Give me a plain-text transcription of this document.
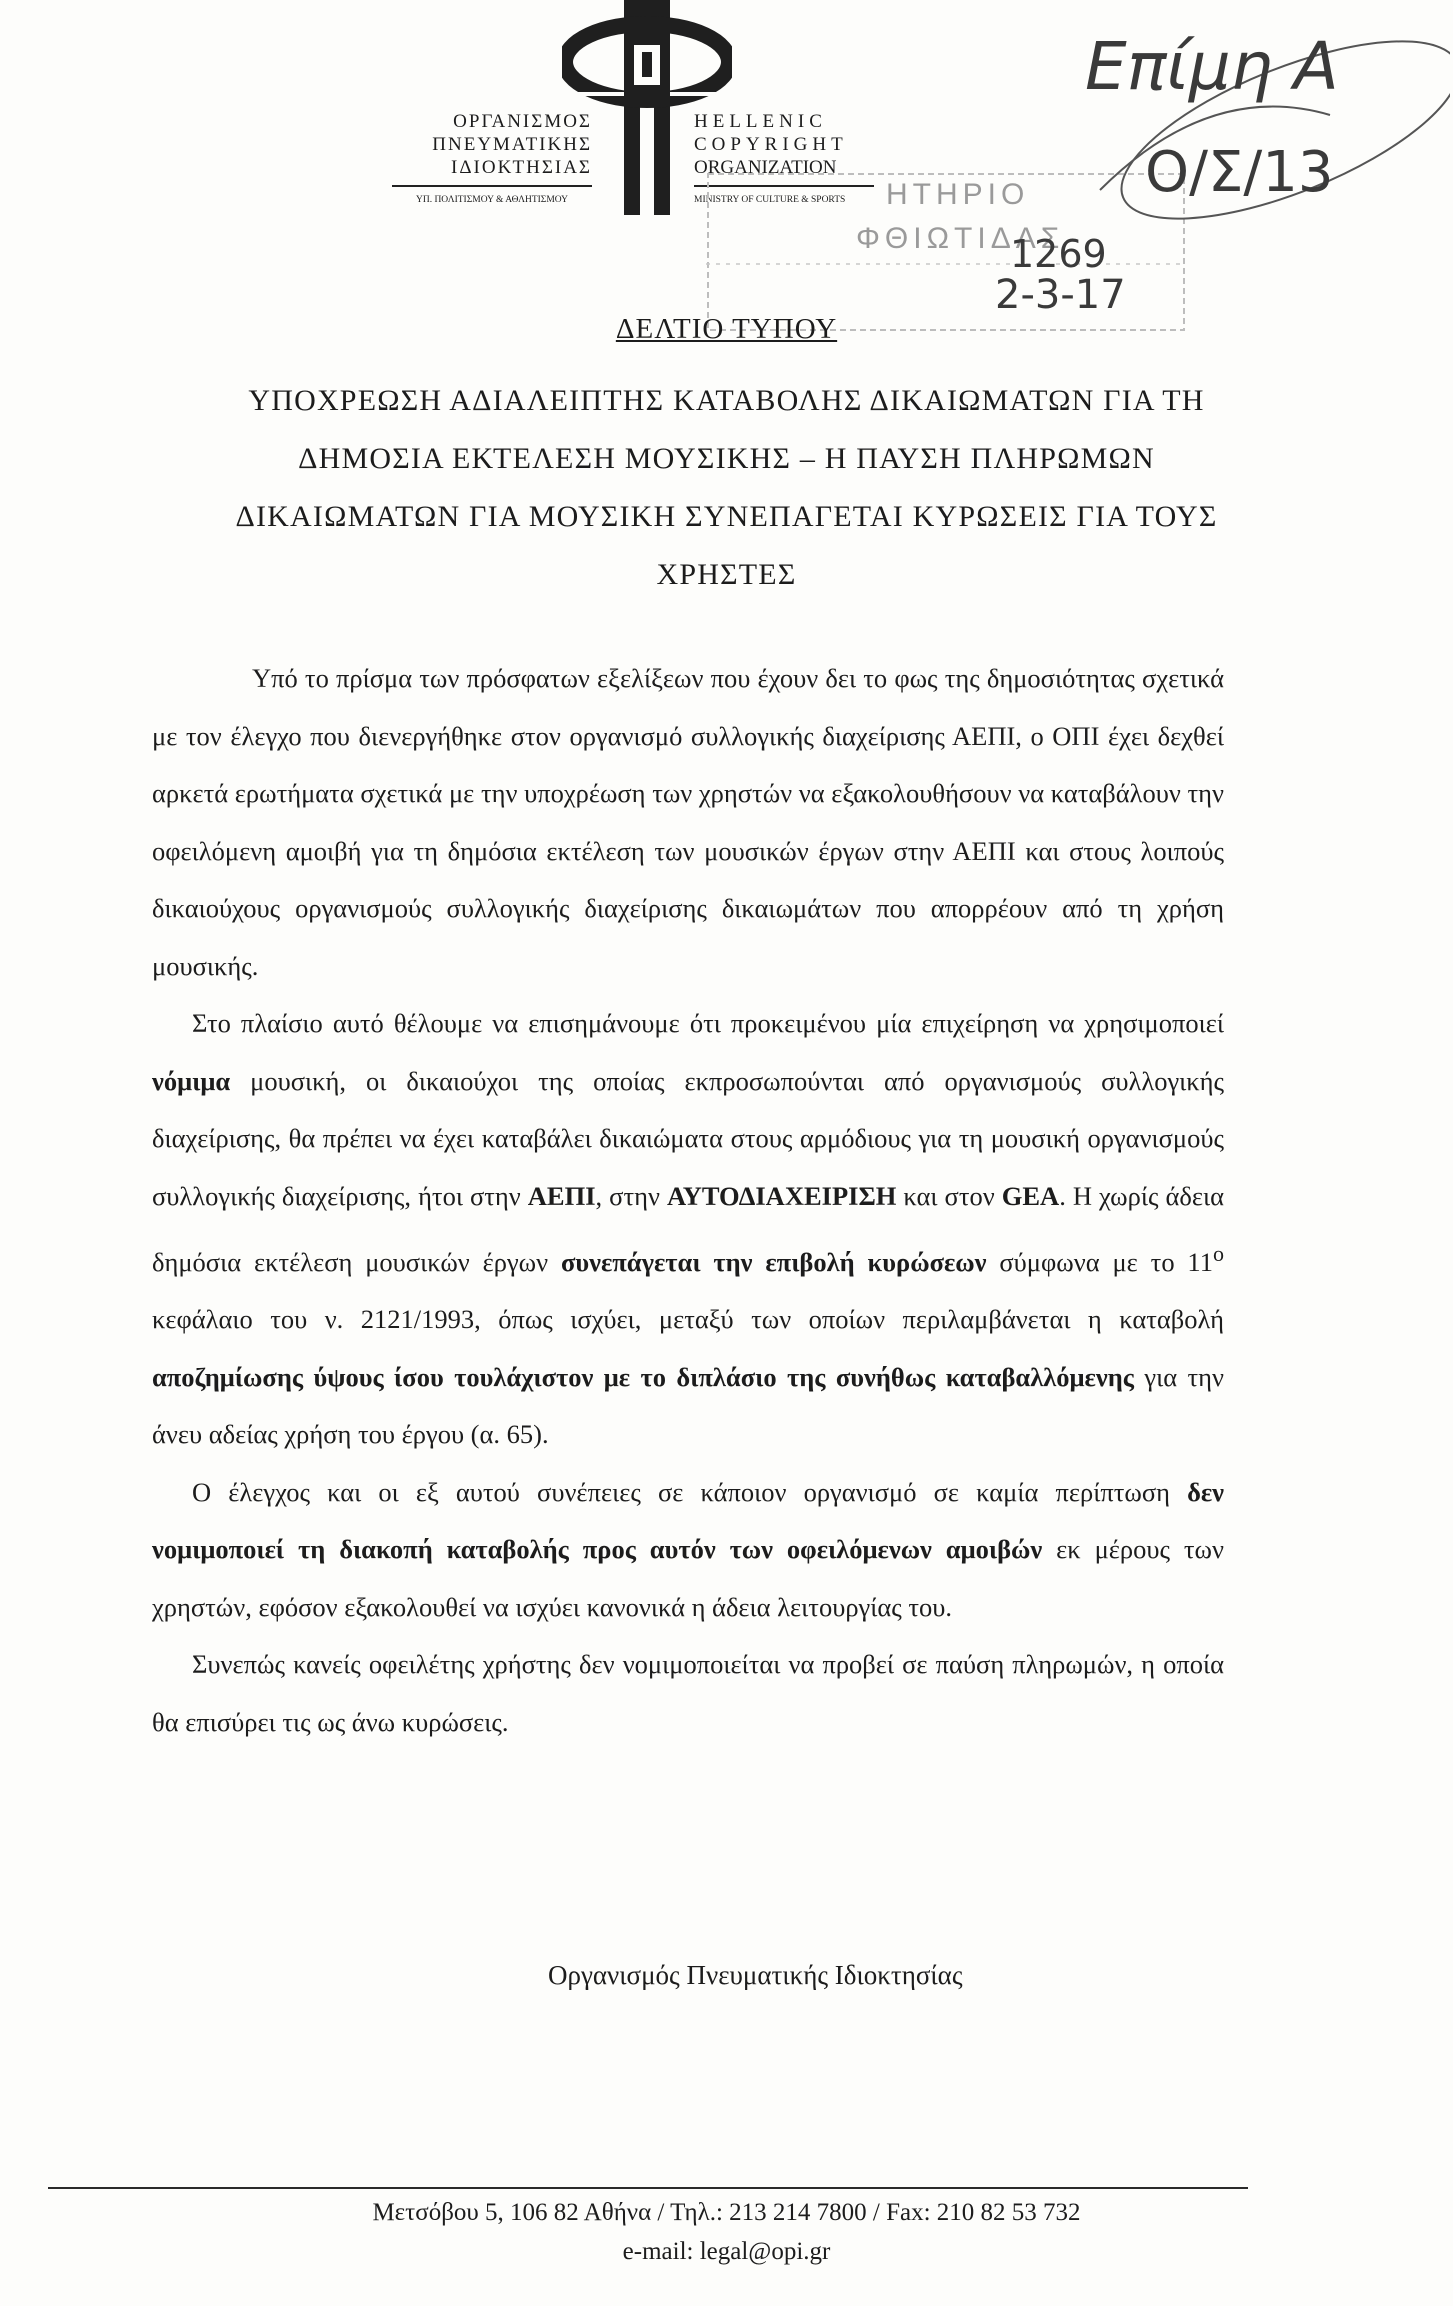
ΟΡΓΑΝΙΣΜΟΣ
ΠΝΕΥΜΑΤΙΚΗΣ
ΙΔΙΟΚΤΗΣΙΑΣ
ΥΠ. ΠΟΛΙΤΙΣΜΟΥ & ΑΘΛΗΤΙΣΜΟΥ
HELLENIC
COPYRIGHT
ORGANIZATION
MINISTRY OF CULTURE & SPORTS	ΗΤΗΡΙΟ
ΦΘΙΩΤΙΔΑΣ
Επίμη Α
Ο/Σ/13
1269
2-3-17
ΔΕΛΤΙΟ ΤΥΠΟΥ
ΥΠΟΧΡΕΩΣΗ ΑΔΙΑΛΕΙΠΤΗΣ ΚΑΤΑΒΟΛΗΣ ΔΙΚΑΙΩΜΑΤΩΝ ΓΙΑ ΤΗ
ΔΗΜΟΣΙΑ ΕΚΤΕΛΕΣΗ ΜΟΥΣΙΚΗΣ – Η ΠΑΥΣΗ ΠΛΗΡΩΜΩΝ
ΔΙΚΑΙΩΜΑΤΩΝ ΓΙΑ ΜΟΥΣΙΚΗ ΣΥΝΕΠΑΓΕΤΑΙ ΚΥΡΩΣΕΙΣ ΓΙΑ ΤΟΥΣ
ΧΡΗΣΤΕΣ

Υπό το πρίσμα των πρόσφατων εξελίξεων που έχουν δει το φως της δημοσιότητας σχετικά με τον έλεγχο που διενεργήθηκε στον οργανισμό συλλογικής διαχείρισης ΑΕΠΙ, ο ΟΠΙ έχει δεχθεί αρκετά ερωτήματα σχετικά με την υποχρέωση των χρηστών να εξακολουθήσουν να καταβάλουν την οφειλόμενη αμοιβή για τη δημόσια εκτέλεση των μουσικών έργων στην ΑΕΠΙ και στους λοιπούς δικαιούχους οργανισμούς συλλογικής διαχείρισης δικαιωμάτων που απορρέουν από τη χρήση μουσικής.

Στο πλαίσιο αυτό θέλουμε να επισημάνουμε ότι προκειμένου μία επιχείρηση να χρησιμοποιεί νόμιμα μουσική, οι δικαιούχοι της οποίας εκπροσωπούνται από οργανισμούς συλλογικής διαχείρισης, θα πρέπει να έχει καταβάλει δικαιώματα στους αρμόδιους για τη μουσική οργανισμούς συλλογικής διαχείρισης, ήτοι στην ΑΕΠΙ, στην ΑΥΤΟΔΙΑΧΕΙΡΙΣΗ και στον GEA. Η χωρίς άδεια δημόσια εκτέλεση μουσικών έργων συνεπάγεται την επιβολή κυρώσεων σύμφωνα με το $11^o$ κεφάλαιο του ν. 2121/1993, όπως ισχύει, μεταξύ των οποίων περιλαμβάνεται η καταβολή αποζημίωσης ύψους ίσου τουλάχιστον με το διπλάσιο της συνήθως καταβαλλόμενης για την άνευ αδείας χρήση του έργου (α. 65).

Ο έλεγχος και οι εξ αυτού συνέπειες σε κάποιον οργανισμό σε καμία περίπτωση δεν νομιμοποιεί τη διακοπή καταβολής προς αυτόν των οφειλόμενων αμοιβών εκ μέρους των χρηστών, εφόσον εξακολουθεί να ισχύει κανονικά η άδεια λειτουργίας του.

Συνεπώς κανείς οφειλέτης χρήστης δεν νομιμοποιείται να προβεί σε παύση πληρωμών, η οποία θα επισύρει τις ως άνω κυρώσεις.

Οργανισμός Πνευματικής Ιδιοκτησίας
Μετσόβου 5, 106 82 Αθήνα / Τηλ.: 213 214 7800 / Fax: 210 82 53 732
e-mail: legal@opi.gr
